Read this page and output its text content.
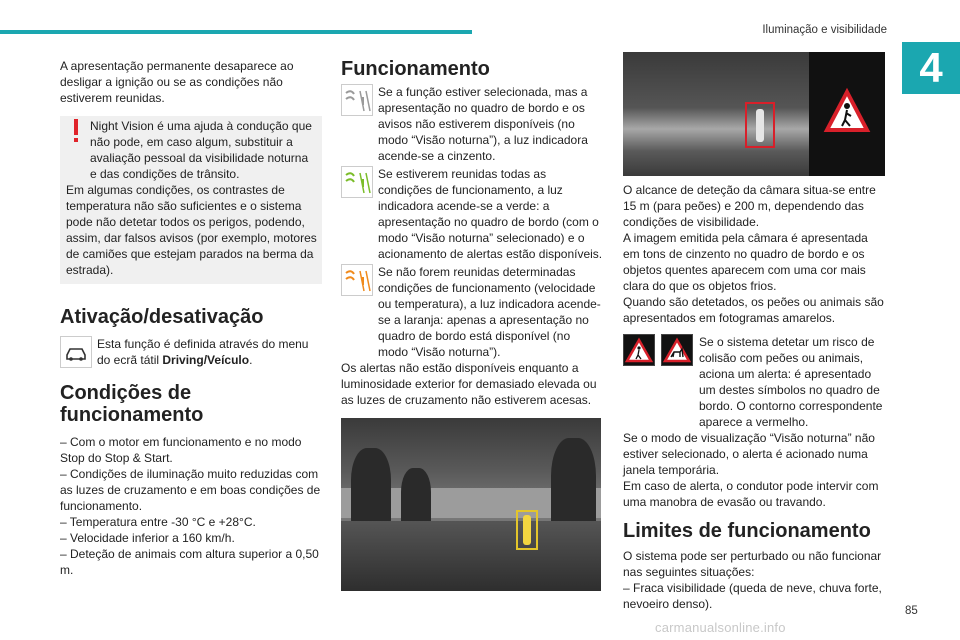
Iluminação e visibilidade
4

A apresentação permanente desaparece ao desligar a ignição ou se as condições não estiverem reunidas.

Night Vision é uma ajuda à condução que não pode, em caso algum, substituir a avaliação pessoal da visibilidade noturna e das condições de trânsito.

Em algumas condições, os contrastes de temperatura não são suficientes e o sistema pode não detetar todos os perigos, podendo, assim, dar falsos avisos (por exemplo, motores de camiões que estejam parados na berma da estrada).

Ativação/desativação

Esta função é definida através do menu do ecrã tátil Driving/Veículo.

Condições de funcionamento

– Com o motor em funcionamento e no modo Stop do Stop & Start.

– Condições de iluminação muito reduzidas com as luzes de cruzamento e em boas condições de funcionamento.

– Temperatura entre -30 °C e +28°C.

– Velocidade inferior a 160 km/h.

– Deteção de animais com altura superior a 0,50 m.

Funcionamento

Se a função estiver selecionada, mas a apresentação no quadro de bordo e os avisos não estiverem disponíveis (no modo “Visão noturna”), a luz indicadora acende-se a cinzento.

Se estiverem reunidas todas as condições de funcionamento, a luz indicadora acende-se a verde: a apresentação no quadro de bordo (com o modo “Visão noturna” selecionado) e o acionamento de alertas estão disponíveis.

Se não forem reunidas determinadas condições de funcionamento (velocidade ou temperatura), a luz indicadora acende-se a laranja: apenas a apresentação no quadro de bordo está disponível (no modo “Visão noturna”).

Os alertas não estão disponíveis enquanto a luminosidade exterior for demasiado elevada ou as luzes de cruzamento não estiverem acesas.

O alcance de deteção da câmara situa-se entre 15 m (para peões) e 200 m, dependendo das condições de visibilidade.

A imagem emitida pela câmara é apresentada em tons de cinzento no quadro de bordo e os objetos quentes aparecem com uma cor mais clara do que os objetos frios.

Quando são detetados, os peões ou animais são apresentados em fotogramas amarelos.

Se o sistema detetar um risco de colisão com peões ou animais, aciona um alerta: é apresentado um destes símbolos no quadro de bordo. O contorno correspondente aparece a vermelho.

Se o modo de visualização “Visão noturna” não estiver selecionado, o alerta é acionado numa janela temporária.

Em caso de alerta, o condutor pode intervir com uma manobra de evasão ou travando.

Limites de funcionamento

O sistema pode ser perturbado ou não funcionar nas seguintes situações:

– Fraca visibilidade (queda de neve, chuva forte, nevoeiro denso).	85
carmanualsonline.info
